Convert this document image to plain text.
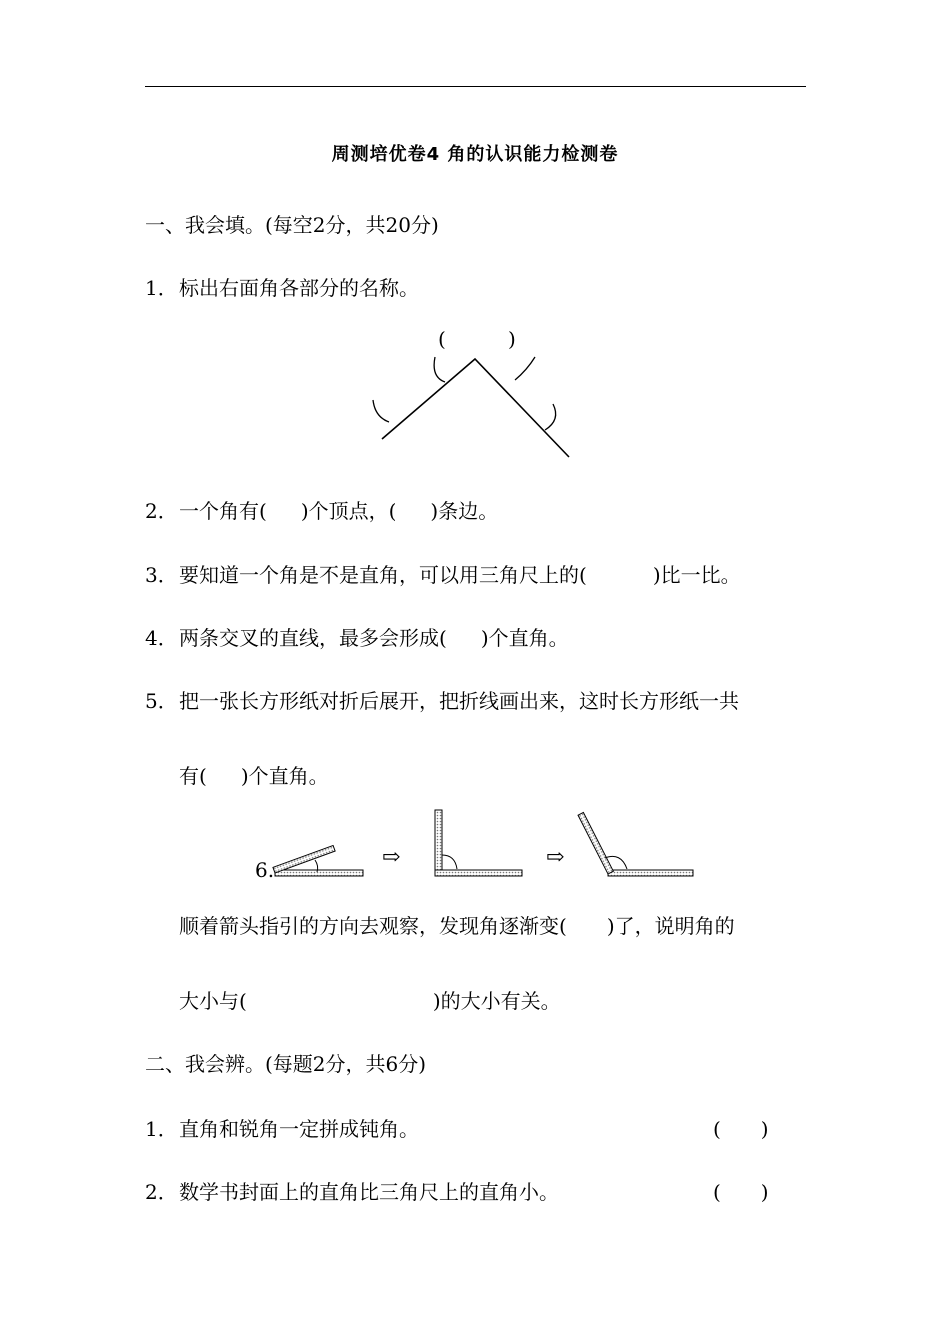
周测培优卷4 角的认识能力检测卷
一、我会填。(每空2分，共20分)
1．标出右面角各部分的名称。
(	)
2．一个角有( )个顶点，( )条边。
3．要知道一个角是不是直角，可以用三角尺上的(	)比一比。
4．两条交叉的直线，最多会形成( )个直角。
5．把一张长方形纸对折后展开，把折线画出来，这时长方形纸一共
有( )个直角。
6.	⇨	⇨
顺着箭头指引的方向去观察，发现角逐渐变( )了，说明角的
大小与(	)的大小有关。
二、我会辨。(每题2分，共6分)
1．直角和锐角一定拼成钝角。	(　　)
2．数学书封面上的直角比三角尺上的直角小。	(　　)
